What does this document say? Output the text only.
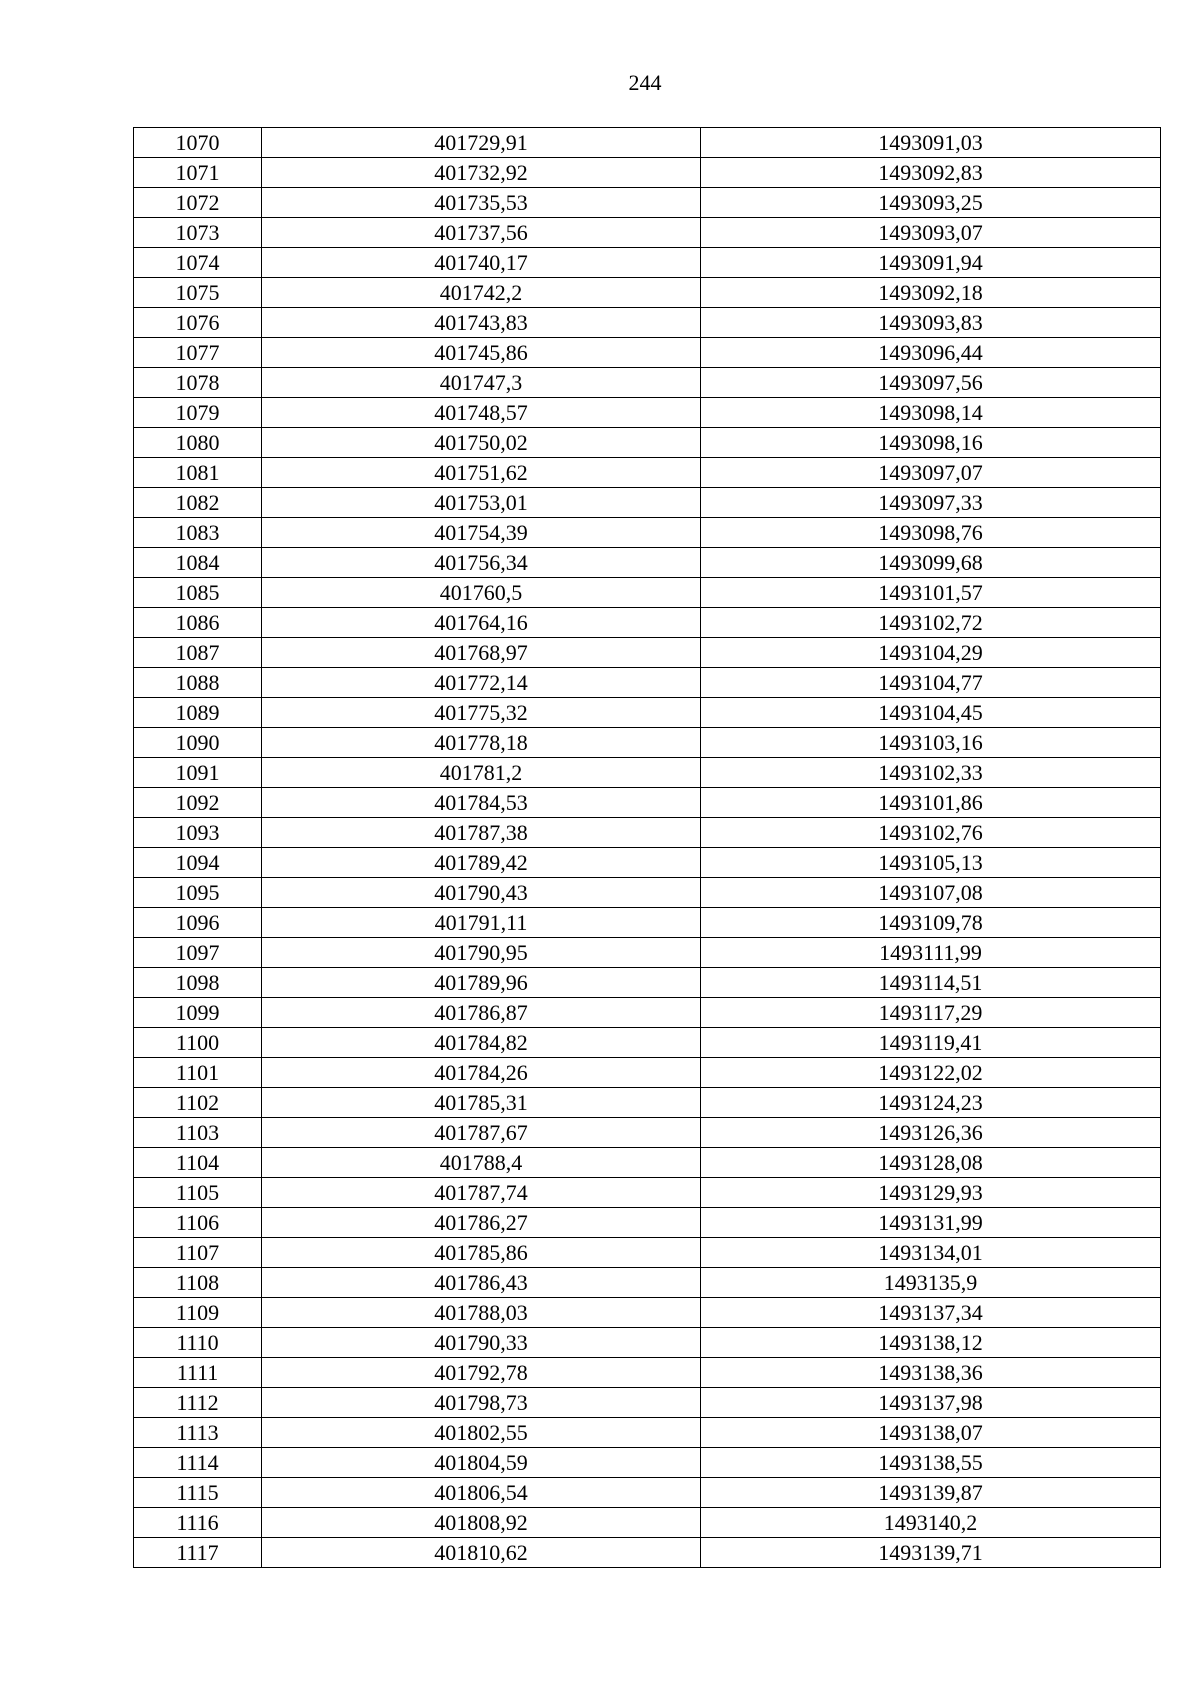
244
1070	401729,91	1493091,03
1071	401732,92	1493092,83
1072	401735,53	1493093,25
1073	401737,56	1493093,07
1074	401740,17	1493091,94
1075	401742,2	1493092,18
1076	401743,83	1493093,83
1077	401745,86	1493096,44
1078	401747,3	1493097,56
1079	401748,57	1493098,14
1080	401750,02	1493098,16
1081	401751,62	1493097,07
1082	401753,01	1493097,33
1083	401754,39	1493098,76
1084	401756,34	1493099,68
1085	401760,5	1493101,57
1086	401764,16	1493102,72
1087	401768,97	1493104,29
1088	401772,14	1493104,77
1089	401775,32	1493104,45
1090	401778,18	1493103,16
1091	401781,2	1493102,33
1092	401784,53	1493101,86
1093	401787,38	1493102,76
1094	401789,42	1493105,13
1095	401790,43	1493107,08
1096	401791,11	1493109,78
1097	401790,95	1493111,99
1098	401789,96	1493114,51
1099	401786,87	1493117,29
1100	401784,82	1493119,41
1101	401784,26	1493122,02
1102	401785,31	1493124,23
1103	401787,67	1493126,36
1104	401788,4	1493128,08
1105	401787,74	1493129,93
1106	401786,27	1493131,99
1107	401785,86	1493134,01
1108	401786,43	1493135,9
1109	401788,03	1493137,34
1110	401790,33	1493138,12
1111	401792,78	1493138,36
1112	401798,73	1493137,98
1113	401802,55	1493138,07
1114	401804,59	1493138,55
1115	401806,54	1493139,87
1116	401808,92	1493140,2
1117	401810,62	1493139,71
